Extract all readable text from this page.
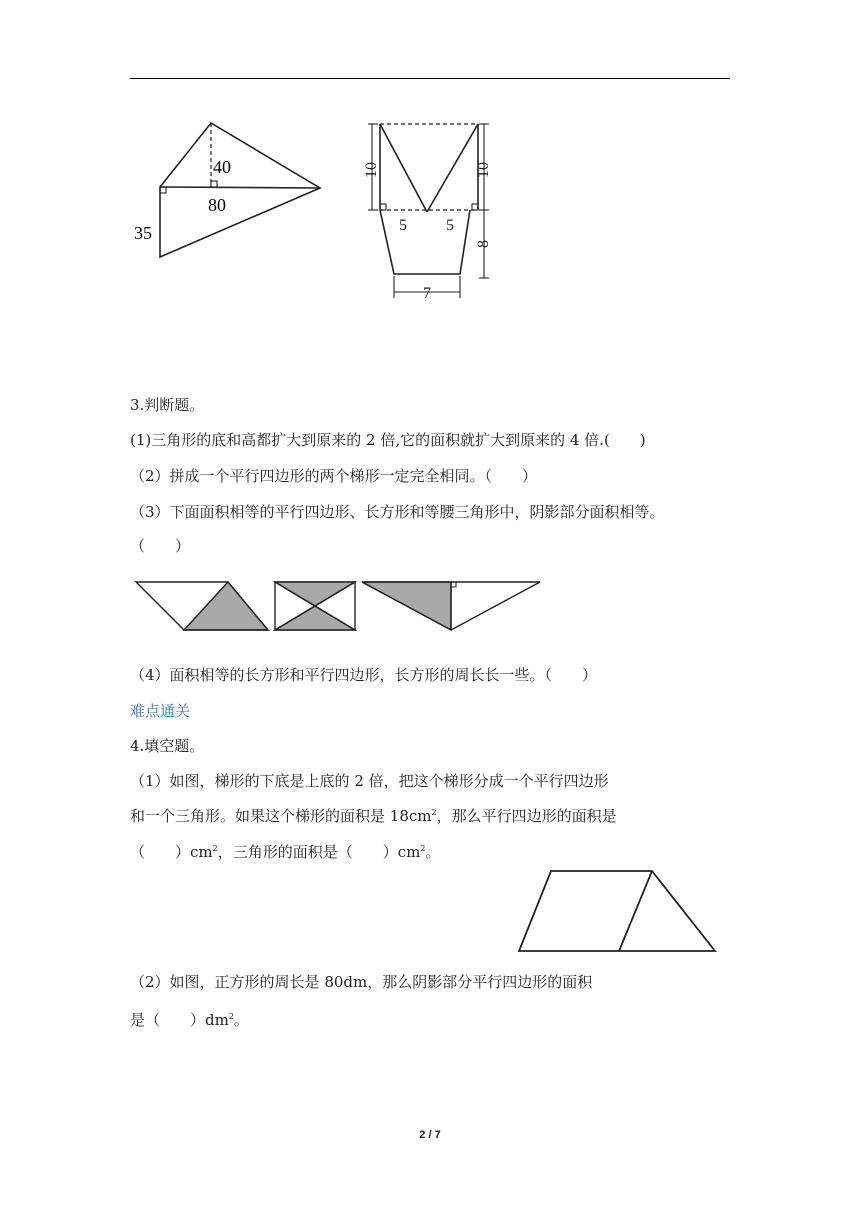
40
80
35
10	10
5 5
8
7
3.判断题。
(1)三角形的底和高都扩大到原来的 2 倍,它的面积就扩大到原来的 4 倍.(　　)
（2）拼成一个平行四边形的两个梯形一定完全相同。（　　）
（3）下面面积相等的平行四边形、长方形和等腰三角形中，阴影部分面积相等。
（　　）
（4）面积相等的长方形和平行四边形，长方形的周长长一些。（　　）
难点通关
4.填空题。
（1）如图，梯形的下底是上底的 2 倍，把这个梯形分成一个平行四边形
和一个三角形。如果这个梯形的面积是 $18cm^2$，那么平行四边形的面积是
（　　）$cm^2$，三角形的面积是（　　）$cm^2$。
（2）如图，正方形的周长是 80dm，那么阴影部分平行四边形的面积
是（　　）$dm^2$。
2 / 7
